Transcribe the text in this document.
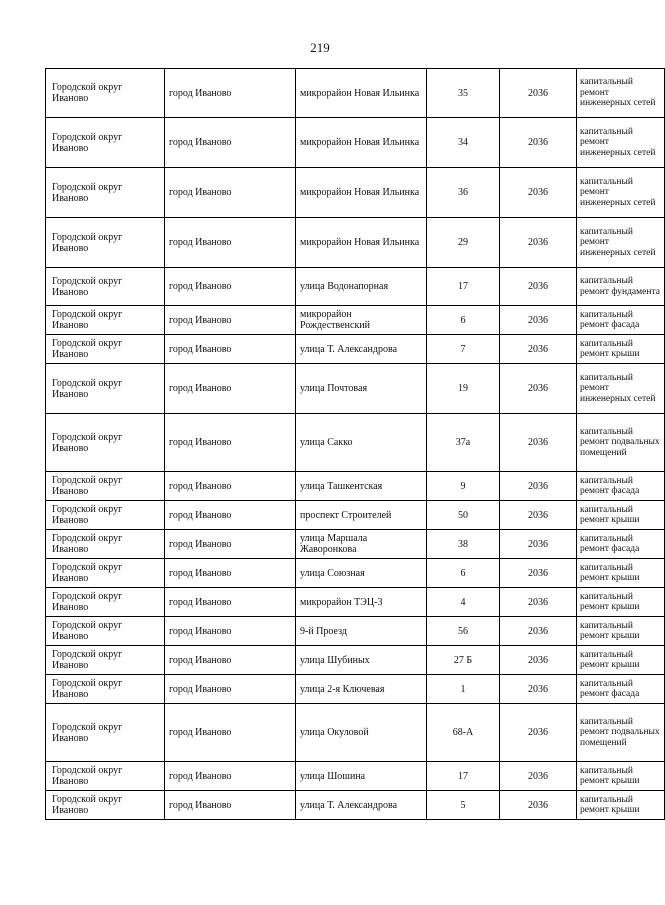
219
Городской округ Иваново	город Иваново	микрорайон Новая Ильинка	35	2036	капитальный ремонт инженерных сетей
Городской округ Иваново	город Иваново	микрорайон Новая Ильинка	34	2036	капитальный ремонт инженерных сетей
Городской округ Иваново	город Иваново	микрорайон Новая Ильинка	36	2036	капитальный ремонт инженерных сетей
Городской округ Иваново	город Иваново	микрорайон Новая Ильинка	29	2036	капитальный ремонт инженерных сетей
Городской округ Иваново	город Иваново	улица Водонапорная	17	2036	капитальный ремонт фундамента
Городской округ Иваново	город Иваново	микрорайон Рождественский	6	2036	капитальный ремонт фасада
Городской округ Иваново	город Иваново	улица Т. Александрова	7	2036	капитальный ремонт крыши
Городской округ Иваново	город Иваново	улица Почтовая	19	2036	капитальный ремонт инженерных сетей
Городской округ Иваново	город Иваново	улица Сакко	37а	2036	капитальный ремонт подвальных помещений
Городской округ Иваново	город Иваново	улица Ташкентская	9	2036	капитальный ремонт фасада
Городской округ Иваново	город Иваново	проспект Строителей	50	2036	капитальный ремонт крыши
Городской округ Иваново	город Иваново	улица Маршала Жаворонкова	38	2036	капитальный ремонт фасада
Городской округ Иваново	город Иваново	улица Союзная	6	2036	капитальный ремонт крыши
Городской округ Иваново	город Иваново	микрорайон ТЭЦ-3	4	2036	капитальный ремонт крыши
Городской округ Иваново	город Иваново	9-й Проезд	56	2036	капитальный ремонт крыши
Городской округ Иваново	город Иваново	улица Шубиных	27 Б	2036	капитальный ремонт крыши
Городской округ Иваново	город Иваново	улица 2-я Ключевая	1	2036	капитальный ремонт фасада
Городской округ Иваново	город Иваново	улица Окуловой	68-А	2036	капитальный ремонт подвальных помещений
Городской округ Иваново	город Иваново	улица Шошина	17	2036	капитальный ремонт крыши
Городской округ Иваново	город Иваново	улица Т. Александрова	5	2036	капитальный ремонт крыши
